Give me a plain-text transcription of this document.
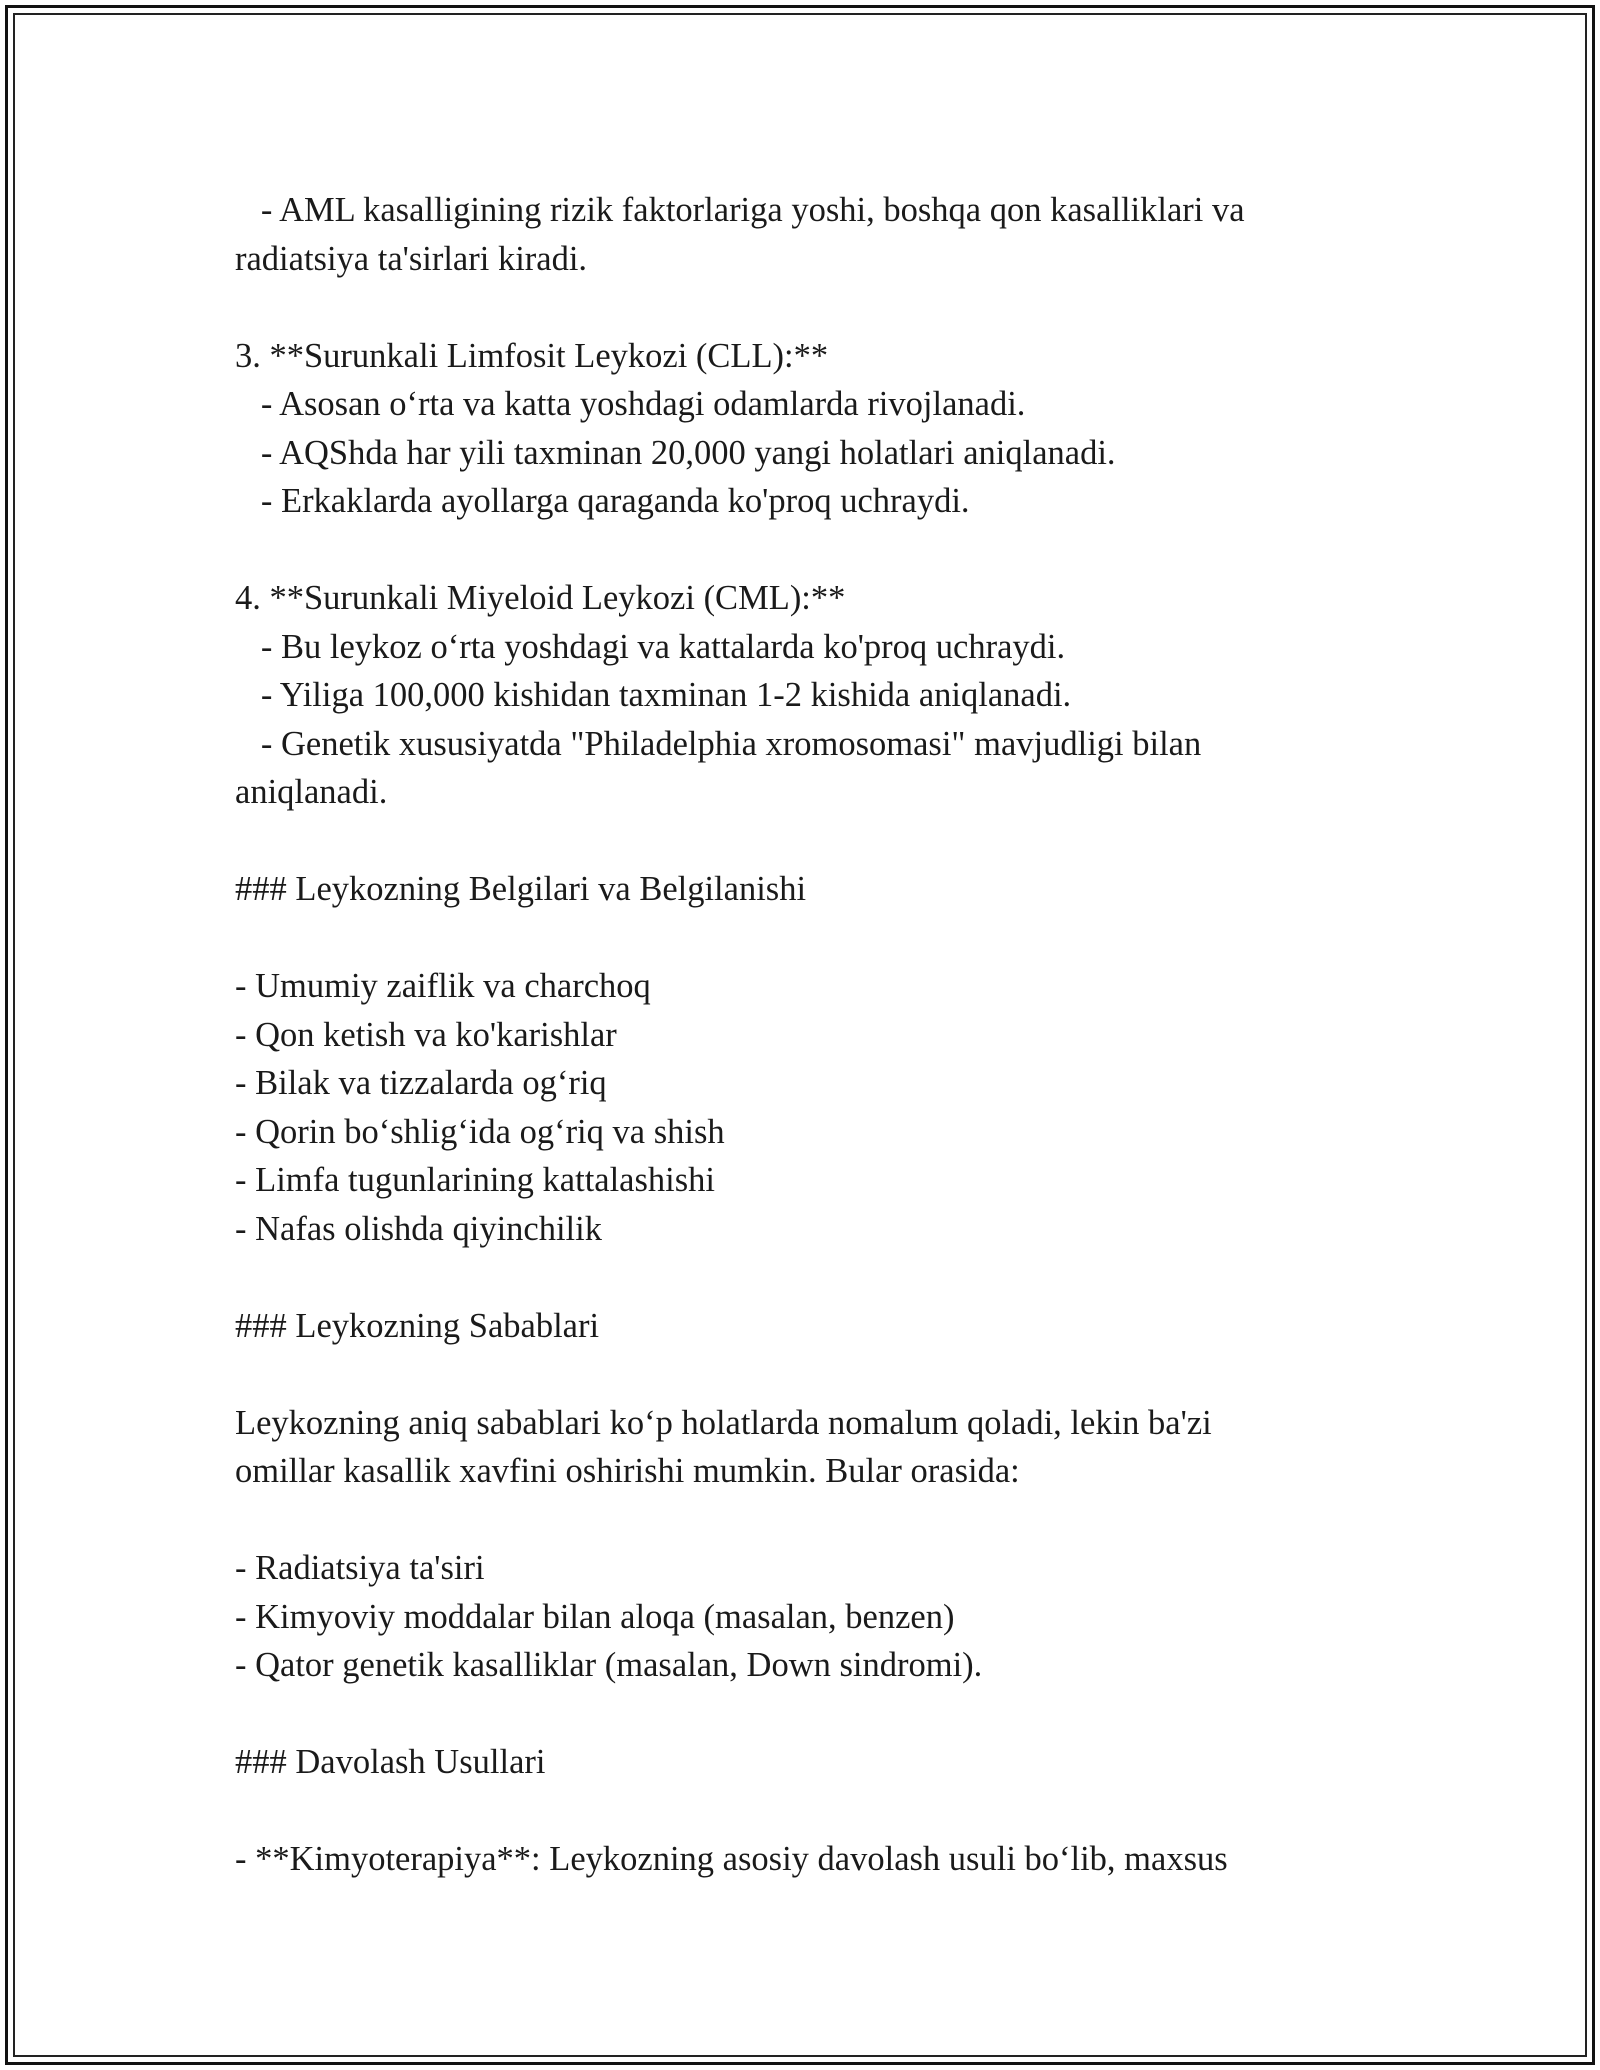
- AML kasalligining rizik faktorlariga yoshi, boshqa qon kasalliklari va
radiatsiya ta'sirlari kiradi.
3. **Surunkali Limfosit Leykozi (CLL):**
- Asosan o‘rta va katta yoshdagi odamlarda rivojlanadi.
- AQShda har yili taxminan 20,000 yangi holatlari aniqlanadi.
- Erkaklarda ayollarga qaraganda ko'proq uchraydi.
4. **Surunkali Miyeloid Leykozi (CML):**
- Bu leykoz o‘rta yoshdagi va kattalarda ko'proq uchraydi.
- Yiliga 100,000 kishidan taxminan 1-2 kishida aniqlanadi.
- Genetik xususiyatda "Philadelphia xromosomasi" mavjudligi bilan
aniqlanadi.
### Leykozning Belgilari va Belgilanishi
- Umumiy zaiflik va charchoq
- Qon ketish va ko'karishlar
- Bilak va tizzalarda og‘riq
- Qorin bo‘shlig‘ida og‘riq va shish
- Limfa tugunlarining kattalashishi
- Nafas olishda qiyinchilik
### Leykozning Sabablari
Leykozning aniq sabablari ko‘p holatlarda nomalum qoladi, lekin ba'zi
omillar kasallik xavfini oshirishi mumkin. Bular orasida:
- Radiatsiya ta'siri
- Kimyoviy moddalar bilan aloqa (masalan, benzen)
- Qator genetik kasalliklar (masalan, Down sindromi).
### Davolash Usullari
- **Kimyoterapiya**: Leykozning asosiy davolash usuli bo‘lib, maxsus
